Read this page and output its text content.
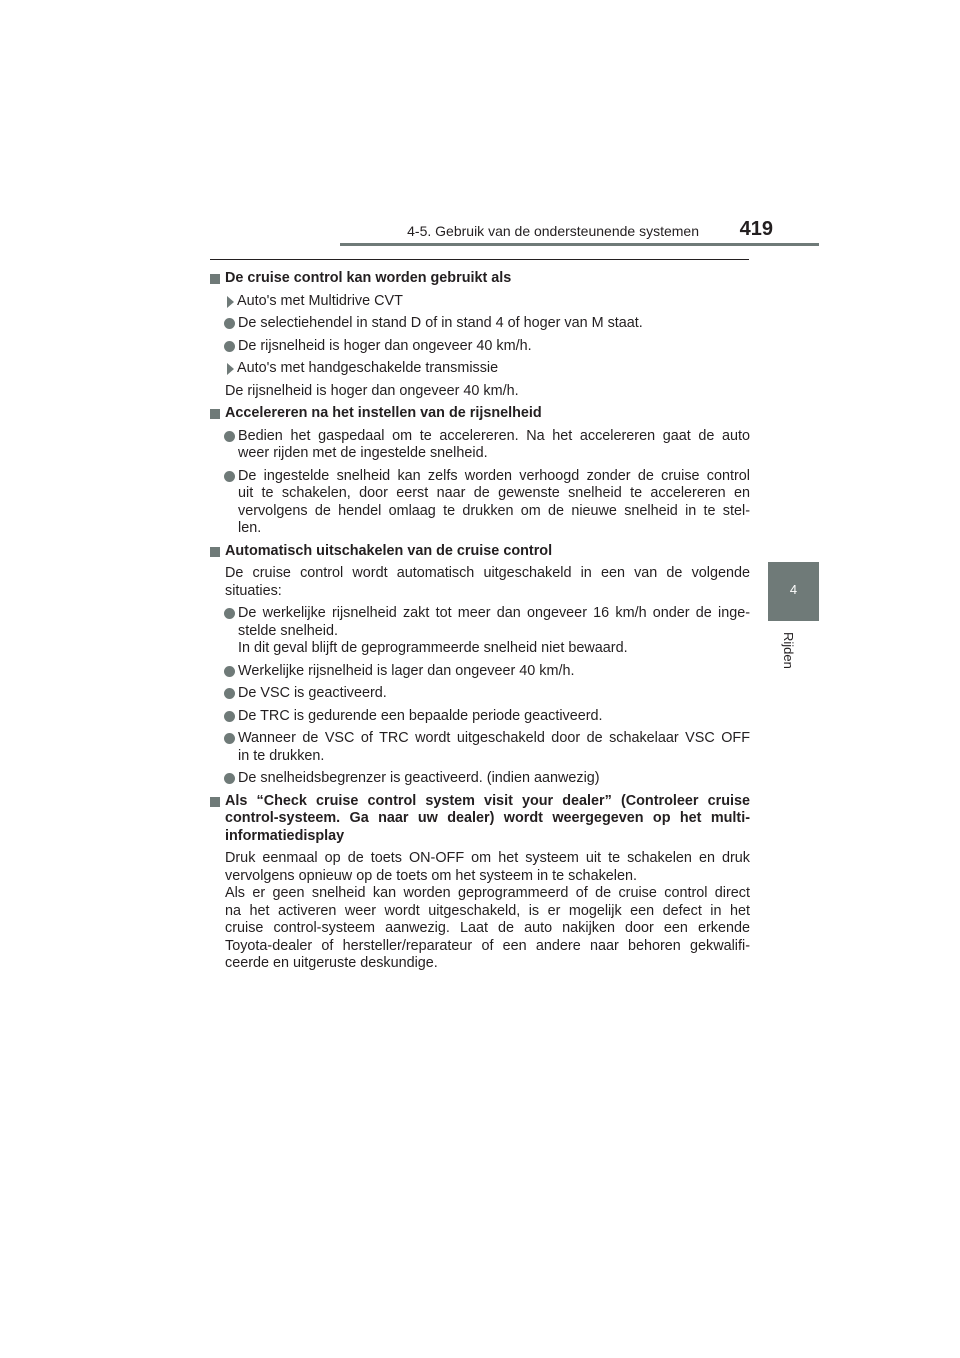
4-5. Gebruik van de ondersteunende systemen 419
4
Rijden
De cruise control kan worden gebruikt als
Auto's met Multidrive CVT
De selectiehendel in stand D of in stand 4 of hoger van M staat.
De rijsnelheid is hoger dan ongeveer 40 km/h.
Auto's met handgeschakelde transmissie
De rijsnelheid is hoger dan ongeveer 40 km/h.
Accelereren na het instellen van de rijsnelheid
Bedien het gaspedaal om te accelereren. Na het accelereren gaat de auto
weer rijden met de ingestelde snelheid.
De ingestelde snelheid kan zelfs worden verhoogd zonder de cruise control
uit te schakelen, door eerst naar de gewenste snelheid te accelereren en
vervolgens de hendel omlaag te drukken om de nieuwe snelheid in te stel-
len.
Automatisch uitschakelen van de cruise control
De cruise control wordt automatisch uitgeschakeld in een van de volgende
situaties:
De werkelijke rijsnelheid zakt tot meer dan ongeveer 16 km/h onder de inge-
stelde snelheid.
In dit geval blijft de geprogrammeerde snelheid niet bewaard.
Werkelijke rijsnelheid is lager dan ongeveer 40 km/h.
De VSC is geactiveerd.
De TRC is gedurende een bepaalde periode geactiveerd.
Wanneer de VSC of TRC wordt uitgeschakeld door de schakelaar VSC OFF
in te drukken.
De snelheidsbegrenzer is geactiveerd. (indien aanwezig)
Als “Check cruise control system visit your dealer” (Controleer cruise
control-systeem. Ga naar uw dealer) wordt weergegeven op het multi-
informatiedisplay
Druk eenmaal op de toets ON-OFF om het systeem uit te schakelen en druk
vervolgens opnieuw op de toets om het systeem in te schakelen.
Als er geen snelheid kan worden geprogrammeerd of de cruise control direct
na het activeren weer wordt uitgeschakeld, is er mogelijk een defect in het
cruise control-systeem aanwezig. Laat de auto nakijken door een erkende
Toyota-dealer of hersteller/reparateur of een andere naar behoren gekwalifi-
ceerde en uitgeruste deskundige.
